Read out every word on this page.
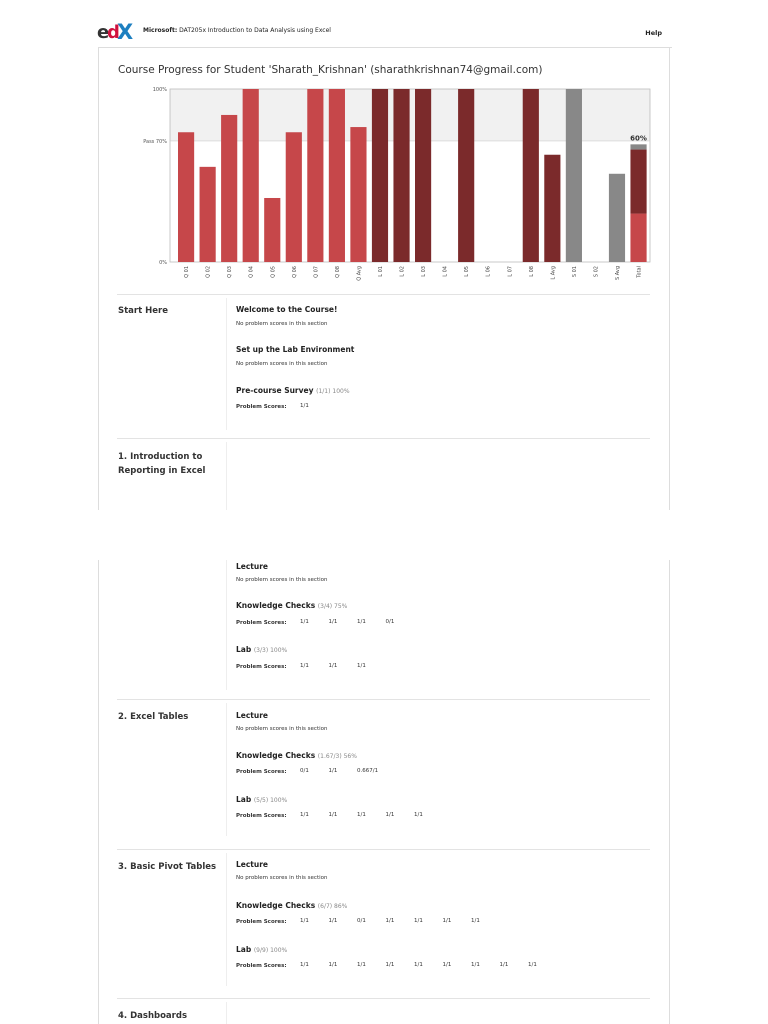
e
d
X Microsoft: DAT205x Introduction to Data Analysis using Excel	Help
Course Progress for Student 'Sharath_Krishnan' (sharathkrishnan74@gmail.com)
100%
Pass 70%
0%
Q 01	Q 02	Q 03	Q 04	Q 05	Q 06	Q 07	Q 08	Q Avg	L 01	L 02	L 03	L 04	L 05	L 06	L 07	L 08	L Avg	S 01	S 02	S Avg
60%
Total
Start Here	Welcome to the Course!
No problem scores in this section
Set up the Lab Environment
No problem scores in this section
Pre-course Survey (1/1) 100%
Problem Scores: 1/1
1. Introduction to Reporting in Excel
Lecture
No problem scores in this section
Knowledge Checks (3/4) 75%
Problem Scores: 1/1	1/1	1/1	0/1
Lab (3/3) 100%
Problem Scores: 1/1	1/1	1/1
2. Excel Tables	Lecture
No problem scores in this section
Knowledge Checks (1.67/3) 56%
Problem Scores: 0/1	1/1	0.667/1
Lab (5/5) 100%
Problem Scores: 1/1	1/1	1/1	1/1	1/1
3. Basic Pivot Tables	Lecture
No problem scores in this section
Knowledge Checks (6/7) 86%
Problem Scores: 1/1	1/1	0/1	1/1	1/1	1/1	1/1
Lab (9/9) 100%
Problem Scores: 1/1	1/1	1/1	1/1	1/1	1/1	1/1	1/1	1/1
4. Dashboards
